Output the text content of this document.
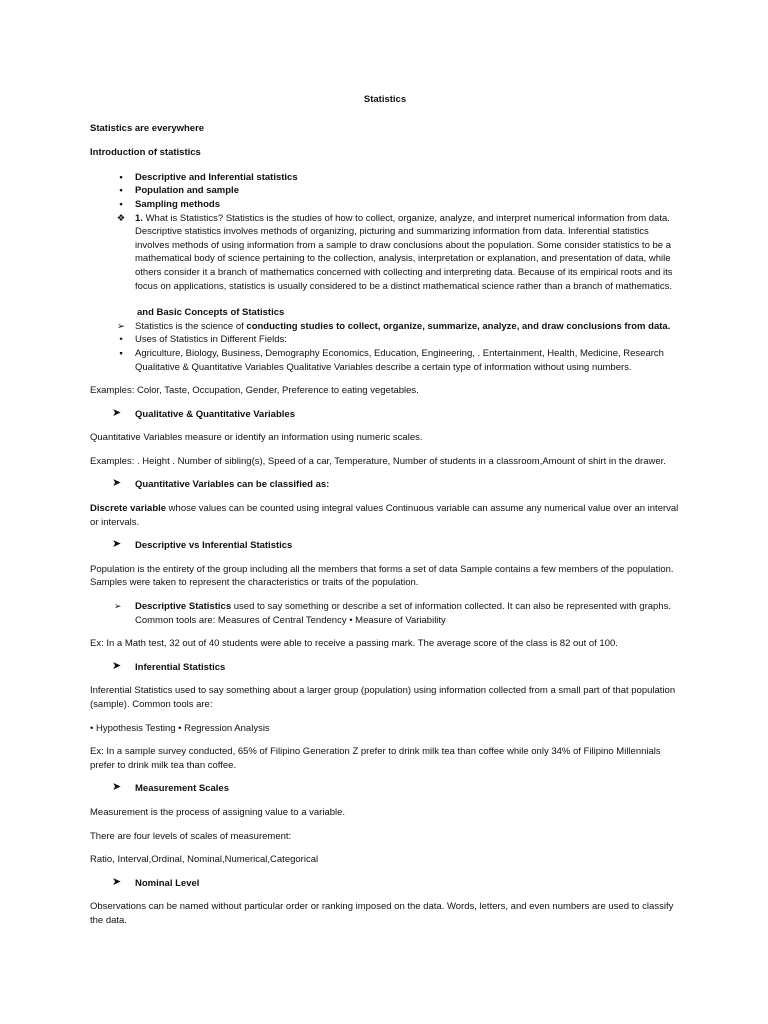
Statistics

Statistics are everywhere

Introduction of statistics

•	Descriptive and Inferential statistics
•	Population and sample
•	Sampling methods
❖ 1. What is Statistics? Statistics is the studies of how to collect, organize, analyze, and interpret numerical information from data. Descriptive statistics involves methods of organizing, picturing and summarizing information from data. Inferential statistics involves methods of using information from a sample to draw conclusions about the population. Some consider statistics to be a mathematical body of science pertaining to the collection, analysis, interpretation or explanation, and presentation of data, while others consider it a branch of mathematics concerned with collecting and interpreting data. Because of its empirical roots and its focus on applications, statistics is usually considered to be a distinct mathematical science rather than a branch of mathematics.

and Basic Concepts of Statistics

➢	Statistics is the science of conducting studies to collect, organize, summarize, analyze, and draw conclusions from data.
•	Uses of Statistics in Different Fields:
▪	Agriculture, Biology, Business, Demography Economics, Education, Engineering, . Entertainment, Health, Medicine, Research Qualitative & Quantitative Variables Qualitative Variables describe a certain type of information without using numbers.

Examples: Color, Taste, Occupation, Gender, Preference to eating vegetables.

➤ Qualitative & Quantitative Variables

Quantitative Variables measure or identify an information using numeric scales.

Examples: . Height . Number of sibling(s), Speed of a car, Temperature, Number of students in a classroom,Amount of shirt in the drawer.

➤ Quantitative Variables can be classified as:

Discrete variable whose values can be counted using integral values Continuous variable can assume any numerical value over an interval or intervals.

➤ Descriptive vs Inferential Statistics

Population is the entirety of the group including all the members that forms a set of data Sample contains a few members of the population. Samples were taken to represent the characteristics or traits of the population.

➢ Descriptive Statistics used to say something or describe a set of information collected. It can also be represented with graphs. Common tools are: Measures of Central Tendency • Measure of Variability

Ex: In a Math test, 32 out of 40 students were able to receive a passing mark. The average score of the class is 82 out of 100.

➤ Inferential Statistics

Inferential Statistics used to say something about a larger group (population) using information collected from a small part of that population (sample). Common tools are:

• Hypothesis Testing • Regression Analysis

Ex: In a sample survey conducted, 65% of Filipino Generation Z prefer to drink milk tea than coffee while only 34% of Filipino Millennials prefer to drink milk tea than coffee.

➤ Measurement Scales

Measurement is the process of assigning value to a variable.

There are four levels of scales of measurement:

Ratio, Interval,Ordinal, Nominal,Numerical,Categorical

➤ Nominal Level

Observations can be named without particular order or ranking imposed on the data. Words, letters, and even numbers are used to classify the data.
